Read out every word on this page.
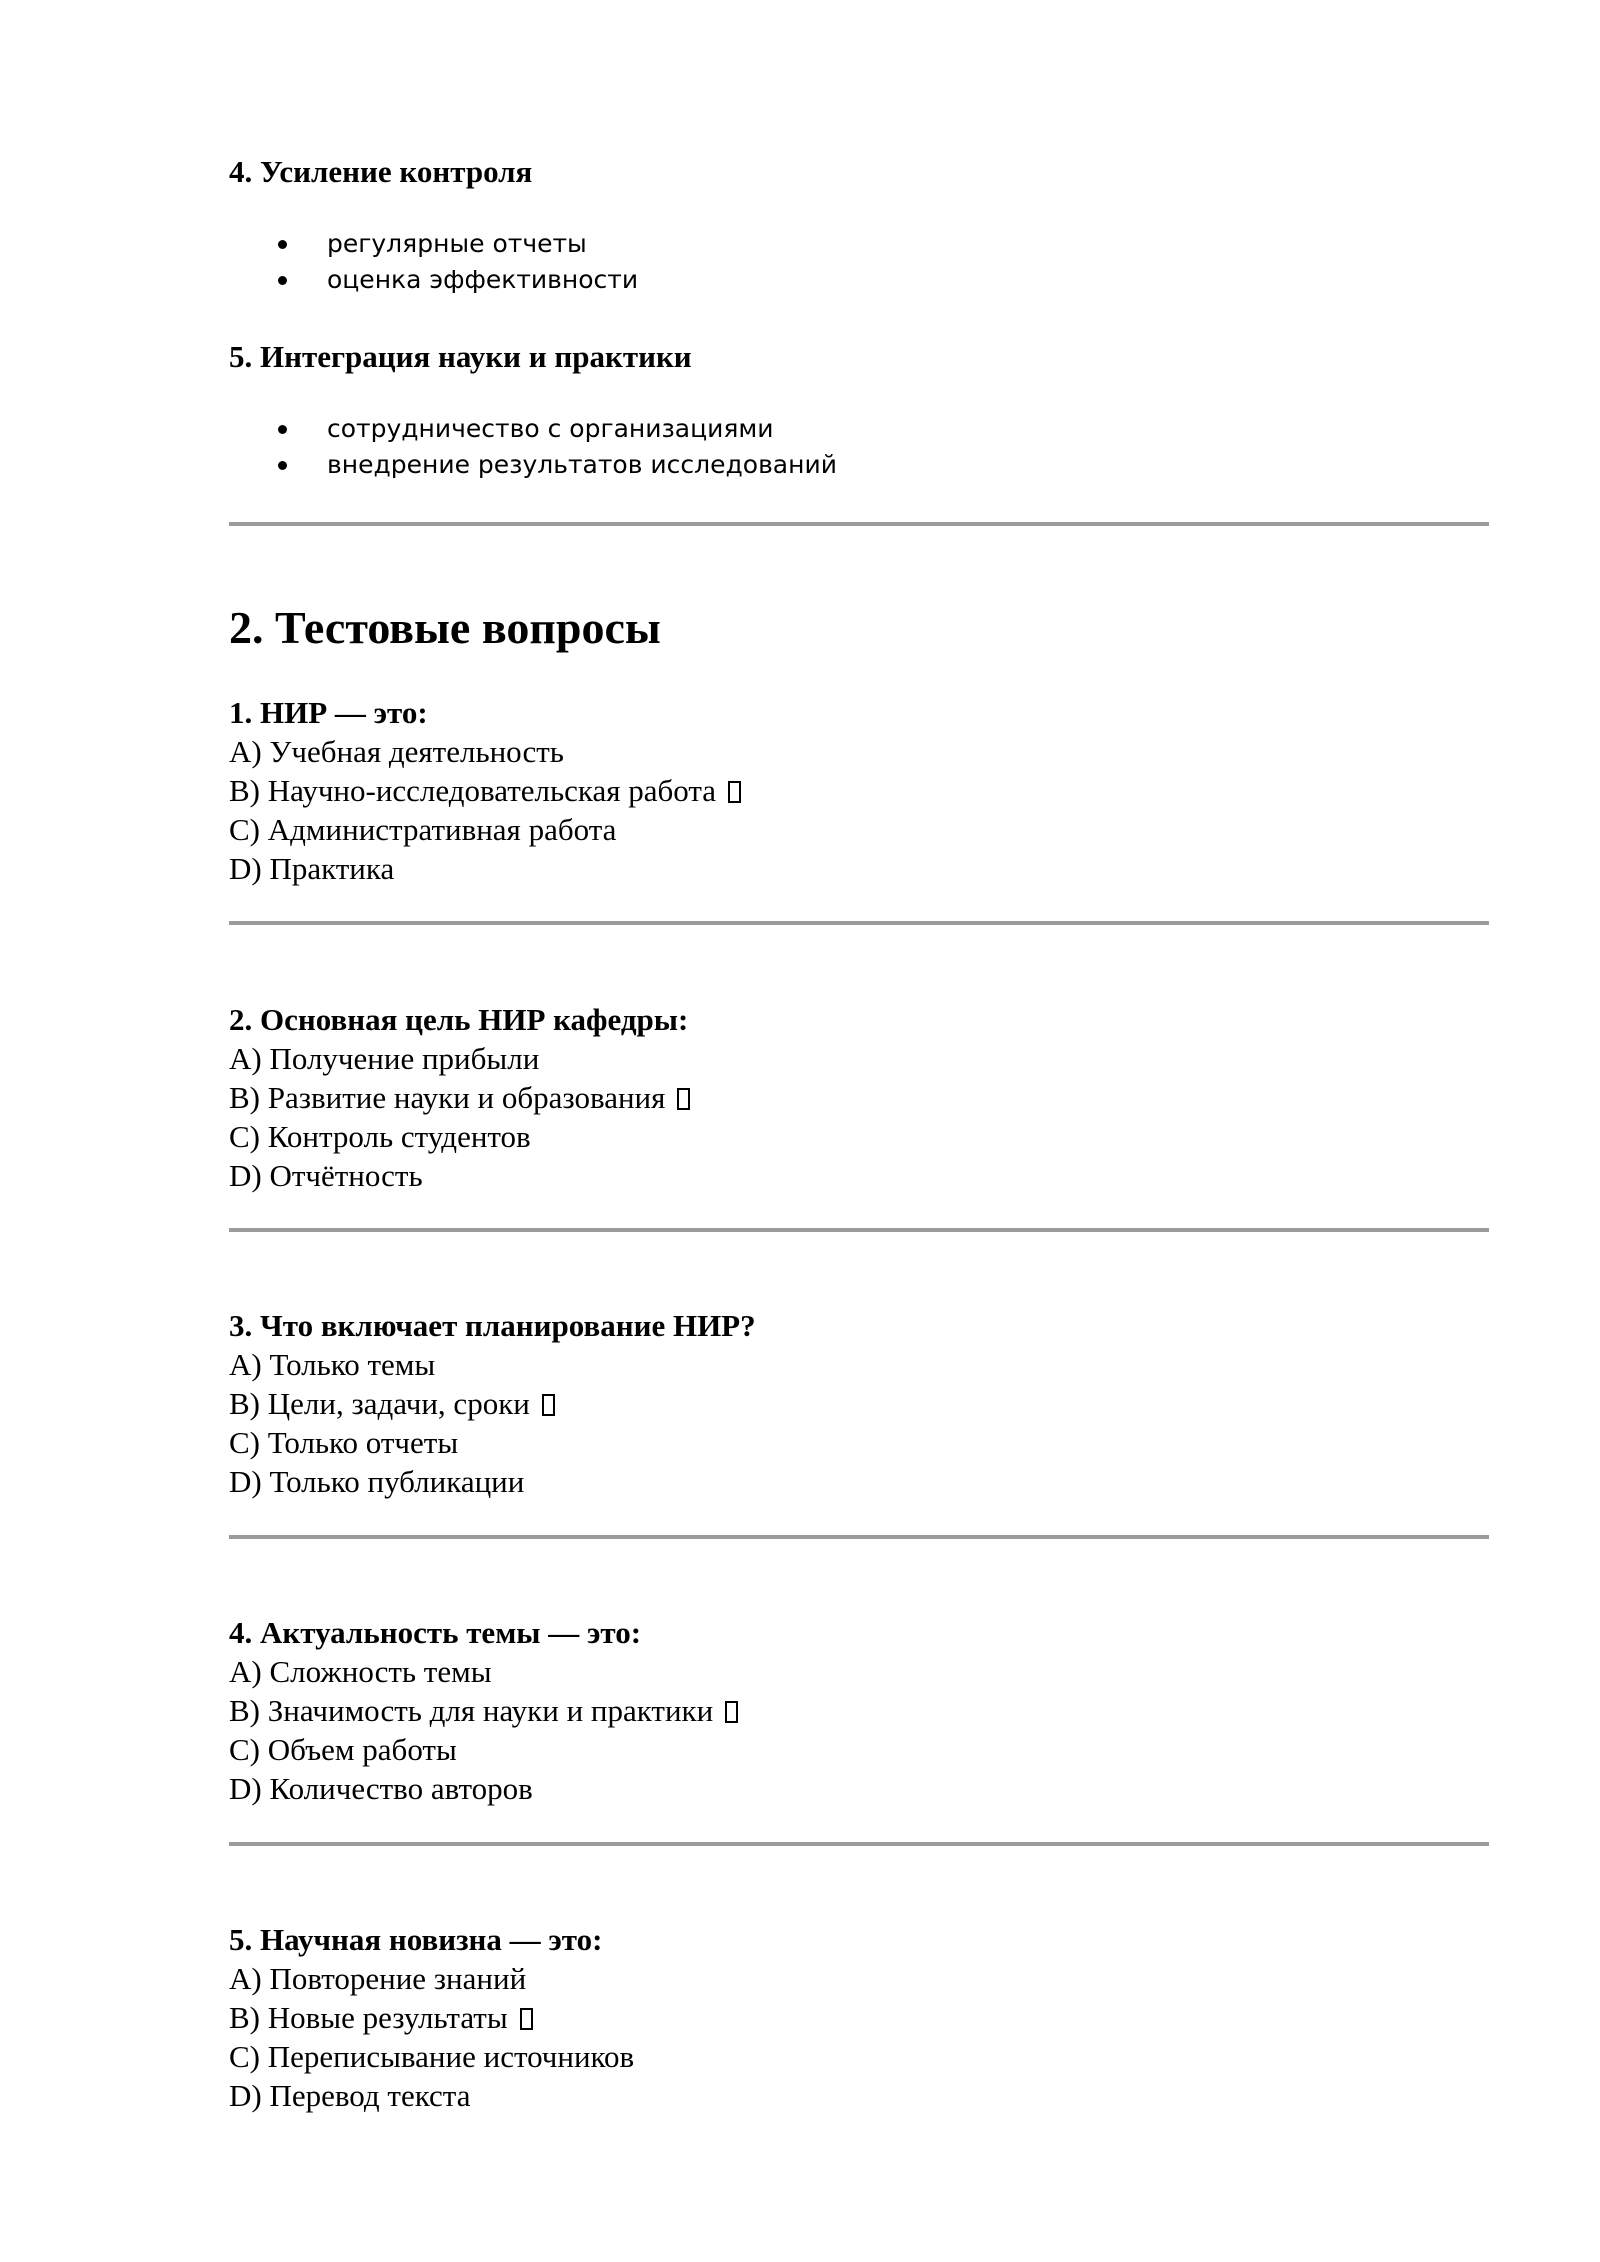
4. Усиление контроля
регулярные отчеты
оценка эффективности
5. Интеграция науки и практики
сотрудничество с организациями
внедрение результатов исследований
2. Тестовые вопросы
1. НИР — это:
A) Учебная деятельность
B) Научно-исследовательская работа
C) Административная работа
D) Практика
2. Основная цель НИР кафедры:
A) Получение прибыли
B) Развитие науки и образования
C) Контроль студентов
D) Отчётность
3. Что включает планирование НИР?
A) Только темы
B) Цели, задачи, сроки
C) Только отчеты
D) Только публикации
4. Актуальность темы — это:
A) Сложность темы
B) Значимость для науки и практики
C) Объем работы
D) Количество авторов
5. Научная новизна — это:
A) Повторение знаний
B) Новые результаты
C) Переписывание источников
D) Перевод текста
